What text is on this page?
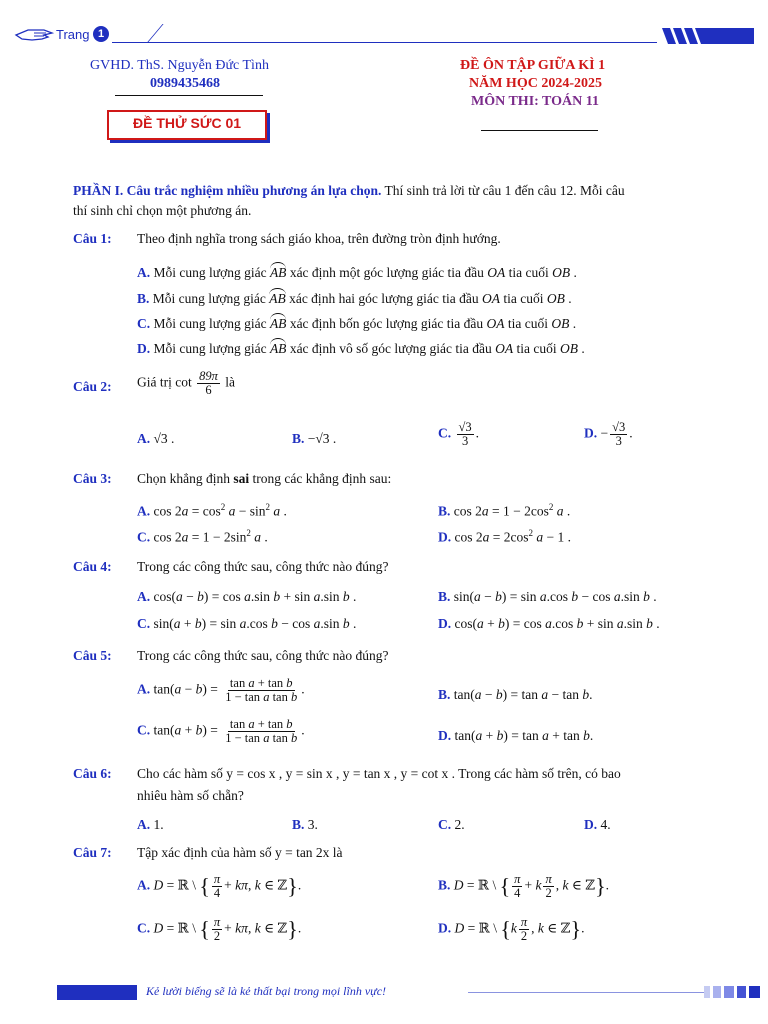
Trang 1
GVHD. ThS. Nguyễn Đức Tình
0989435468
ĐỀ THỬ SỨC 01
ĐỀ ÔN TẬP GIỮA KÌ 1
NĂM HỌC 2024-2025
MÔN THI: TOÁN 11
PHẦN I. Câu trắc nghiệm nhiều phương án lựa chọn. Thí sinh trả lời từ câu 1 đến câu 12. Mỗi câu
thí sinh chỉ chọn một phương án.
Câu 1: Theo định nghĩa trong sách giáo khoa, trên đường tròn định hướng.
A. Mỗi cung lượng giác AB xác định một góc lượng giác tia đầu OA tia cuối OB .
B. Mỗi cung lượng giác AB xác định hai góc lượng giác tia đầu OA tia cuối OB .
C. Mỗi cung lượng giác AB xác định bốn góc lượng giác tia đầu OA tia cuối OB .
D. Mỗi cung lượng giác AB xác định vô số góc lượng giác tia đầu OA tia cuối OB .
Câu 2: Giá trị $\cot \frac{89\pi}{6}$ là
A. √3 .	B. −√3 .	C. $\frac{√3}{3}$ .	D. − $\frac{√3}{3}$ .
Câu 3: Chọn khẳng định sai trong các khẳng định sau:
A. $\cos 2a = \cos^2 a - \sin^2 a$ .	B. $\cos 2a = 1 - 2\cos^2$ a .
C. $\cos 2a = 1 - 2\sin^2$ a .	D. $\cos 2a = 2\cos^2$ a − 1 .
Câu 4: Trong các công thức sau, công thức nào đúng?
A. cos(a − b) = cos a.sin b + sin a.sin b .	B. sin(a − b) = sin a.cos b − cos a.sin b .
C. sin(a + b) = sin a.cos b − cos a.sin b .	D. cos(a + b) = cos a.cos b + sin a.sin b .
Câu 5: Trong các công thức sau, công thức nào đúng?
A. $\tan(a - b) = \frac{\text{tan a + tan b}}{\text{1 − tan a tan b}}$ .	B. tan(a − b) = tan a − tan b.
C. $\tan(a + b) = \frac{\text{tan a + tan b}}{\text{1 − tan a tan b}}$ .	D. tan(a + b) = tan a + tan b.
Câu 6: Cho các hàm số y = cos x , y = sin x , y = tan x , y = cot x . Trong các hàm số trên, có bao
nhiêu hàm số chẵn?
A. 1.	B. 3.	C. 2.	D. 4.
Câu 7: Tập xác định của hàm số y = tan 2x là
A. D = ℝ \ { $\frac{\pi}{4} + k\pi$, k ∈ ℤ}.	B. D = ℝ \ { $\frac{\pi}{4} + k \frac{\pi}{2}$ , k ∈ ℤ}.
C. D = ℝ \ { $\frac{\pi}{2} + k\pi$, k ∈ ℤ}.	D. D = ℝ \ {$k \frac{\pi}{2}$ , k ∈ ℤ}.
Kẻ lười biếng sẽ là kẻ thất bại trong mọi lĩnh vực!
